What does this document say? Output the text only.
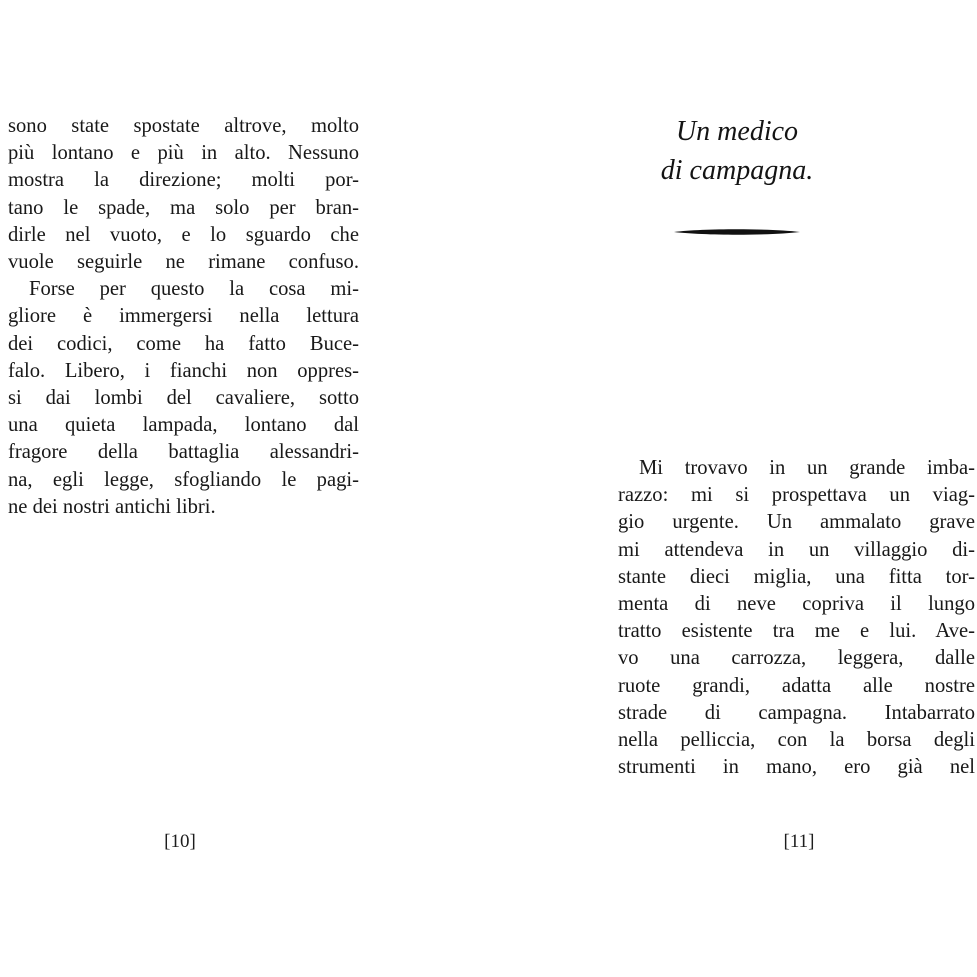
sono state spostate altrove, molto
più lontano e più in alto. Nessuno
mostra la direzione; molti por-
tano le spade, ma solo per bran-
dirle nel vuoto, e lo sguardo che
vuole seguirle ne rimane confuso.

Forse per questo la cosa mi-
gliore è immergersi nella lettura
dei codici, come ha fatto Buce-
falo. Libero, i fianchi non oppres-
si dai lombi del cavaliere, sotto
una quieta lampada, lontano dal
fragore della battaglia alessandri-
na, egli legge, sfogliando le pagi-
ne dei nostri antichi libri.

[10]
Un medico
di campagna.

Mi trovavo in un grande imba-
razzo: mi si prospettava un viag-
gio urgente. Un ammalato grave
mi attendeva in un villaggio di-
stante dieci miglia, una fitta tor-
menta di neve copriva il lungo
tratto esistente tra me e lui. Ave-
vo una carrozza, leggera, dalle
ruote grandi, adatta alle nostre
strade di campagna. Intabarrato
nella pelliccia, con la borsa degli
strumenti in mano, ero già nel

[11]
